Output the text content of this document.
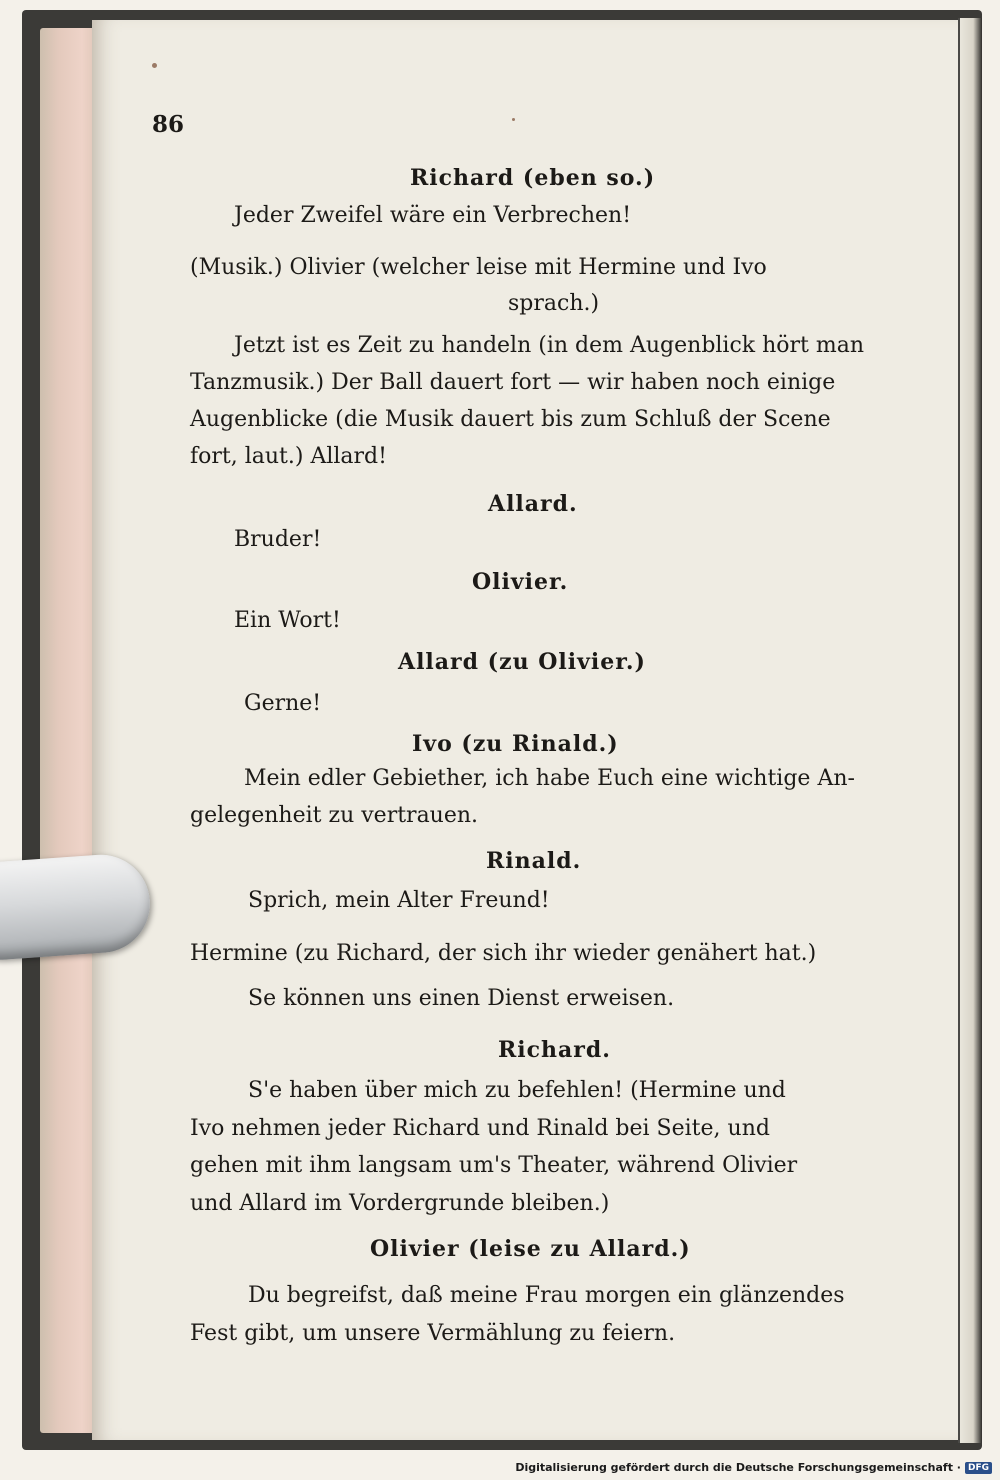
86
Richard (eben so.)
Jeder Zweifel wäre ein Verbrechen!
(Musik.) Olivier (welcher leise mit Hermine und Ivo
sprach.)
Jetzt ist es Zeit zu handeln (in dem Augenblick hört man
Tanzmusik.) Der Ball dauert fort — wir haben noch einige
Augenblicke (die Musik dauert bis zum Schluß der Scene
fort, laut.) Allard!
Allard.
Bruder!
Olivier.
Ein Wort!
Allard (zu Olivier.)
Gerne!
Ivo (zu Rinald.)
Mein edler Gebiether, ich habe Euch eine wichtige An-
gelegenheit zu vertrauen.
Rinald.
Sprich, mein Alter Freund!
Hermine (zu Richard, der sich ihr wieder genähert hat.)
Se können uns einen Dienst erweisen.
Richard.
S'e haben über mich zu befehlen! (Hermine und
Ivo nehmen jeder Richard und Rinald bei Seite, und
gehen mit ihm langsam um's Theater, während Olivier
und Allard im Vordergrunde bleiben.)
Olivier (leise zu Allard.)
Du begreifst, daß meine Frau morgen ein glänzendes
Fest gibt, um unsere Vermählung zu feiern.
Digitalisierung gefördert durch die Deutsche Forschungsgemeinschaft · DFG
